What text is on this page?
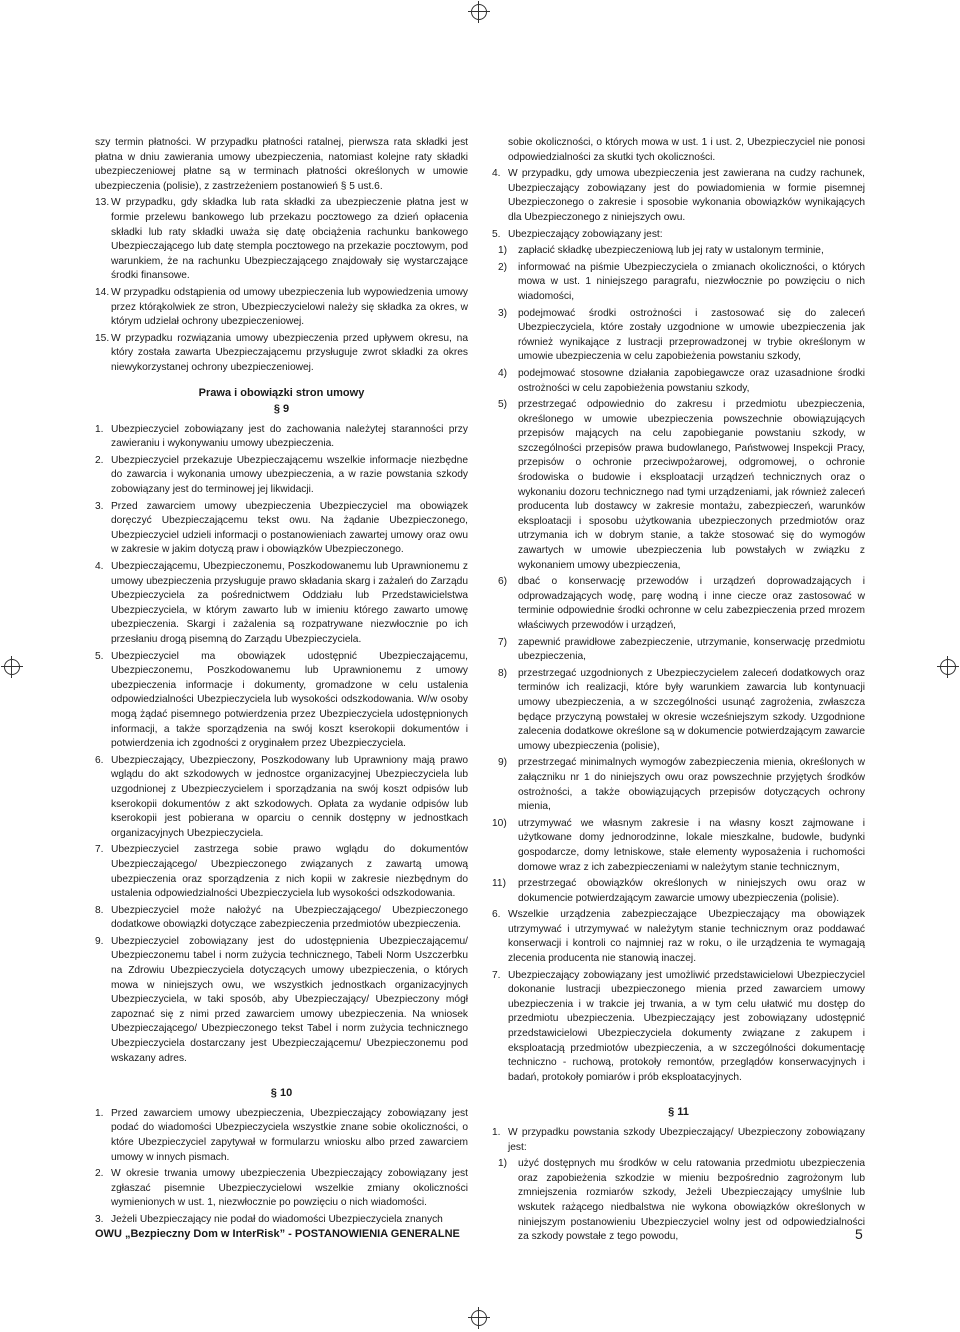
szy termin płatności. W przypadku płatności ratalnej, pierwsza rata składki jest płatna w dniu zawierania umowy ubezpieczenia, natomiast kolejne raty składki ubezpieczeniowej płatne są w terminach płatności określonych w umowie ubezpieczenia (polisie), z zastrzeżeniem postanowień § 5 ust.6.

13. W przypadku, gdy składka lub rata składki za ubezpieczenie płatna jest w formie przelewu bankowego lub przekazu pocztowego za dzień opłacenia składki lub raty składki uważa się datę obciążenia rachunku bankowego Ubezpieczającego lub datę stempla pocztowego na przekazie pocztowym, pod warunkiem, że na rachunku Ubezpieczającego znajdowały się wystarczające środki finansowe.
14. W przypadku odstąpienia od umowy ubezpieczenia lub wypowiedzenia umowy przez którąkolwiek ze stron, Ubezpieczycielowi należy się składka za okres, w którym udzielał ochrony ubezpieczeniowej.
15. W przypadku rozwiązania umowy ubezpieczenia przed upływem okresu, na który została zawarta Ubezpieczającemu przysługuje zwrot składki za okres niewykorzystanej ochrony ubezpieczeniowej.
Prawa i obowiązki stron umowy
§ 9
1. Ubezpieczyciel zobowiązany jest do zachowania należytej staranności przy zawieraniu i wykonywaniu umowy ubezpieczenia.
2. Ubezpieczyciel przekazuje Ubezpieczającemu wszelkie informacje niezbędne do zawarcia i wykonania umowy ubezpieczenia, a w razie powstania szkody zobowiązany jest do terminowej jej likwidacji.
3. Przed zawarciem umowy ubezpieczenia Ubezpieczyciel ma obowiązek doręczyć Ubezpieczającemu tekst owu. Na żądanie Ubezpieczonego, Ubezpieczyciel udzieli informacji o postanowieniach zawartej umowy oraz owu w zakresie w jakim dotyczą praw i obowiązków Ubezpieczonego.
4. Ubezpieczającemu, Ubezpieczonemu, Poszkodowanemu lub Uprawnionemu z umowy ubezpieczenia przysługuje prawo składania skarg i zażaleń do Zarządu Ubezpieczyciela za pośrednictwem Oddziału lub Przedstawicielstwa Ubezpieczyciela, w którym zawarto lub w imieniu którego zawarto umowę ubezpieczenia. Skargi i zażalenia są rozpatrywane niezwłocznie po ich przesłaniu drogą pisemną do Zarządu Ubezpieczyciela.
5. Ubezpieczyciel ma obowiązek udostępnić Ubezpieczającemu, Ubezpieczonemu, Poszkodowanemu lub Uprawnionemu z umowy ubezpieczenia informacje i dokumenty, gromadzone w celu ustalenia odpowiedzialności Ubezpieczyciela lub wysokości odszkodowania. W/w osoby mogą żądać pisemnego potwierdzenia przez Ubezpieczyciela udostępnionych informacji, a także sporządzenia na swój koszt kserokopii dokumentów i potwierdzenia ich zgodności z oryginałem przez Ubezpieczyciela.
6. Ubezpieczający, Ubezpieczony, Poszkodowany lub Uprawniony mają prawo wglądu do akt szkodowych w jednostce organizacyjnej Ubezpieczyciela lub uzgodnionej z Ubezpieczycielem i sporządzania na swój koszt odpisów lub kserokopii dokumentów z akt szkodowych. Opłata za wydanie odpisów lub kserokopii jest pobierana w oparciu o cennik dostępny w jednostkach organizacyjnych Ubezpieczyciela.
7. Ubezpieczyciel zastrzega sobie prawo wglądu do dokumentów Ubezpieczającego/ Ubezpieczonego związanych z zawartą umową ubezpieczenia oraz sporządzenia z nich kopii w zakresie niezbędnym do ustalenia odpowiedzialności Ubezpieczyciela lub wysokości odszkodowania.
8. Ubezpieczyciel może nałożyć na Ubezpieczającego/ Ubezpieczonego dodatkowe obowiązki dotyczące zabezpieczenia przedmiotów ubezpieczenia.
9. Ubezpieczyciel zobowiązany jest do udostępnienia Ubezpieczającemu/ Ubezpieczonemu tabel i norm zużycia technicznego, Tabeli Norm Uszczerbku na Zdrowiu Ubezpieczyciela dotyczących umowy ubezpieczenia, o których mowa w niniejszych owu, we wszystkich jednostkach organizacyjnych Ubezpieczyciela, w taki sposób, aby Ubezpieczający/ Ubezpieczony mógł zapoznać się z nimi przed zawarciem umowy ubezpieczenia. Na wniosek Ubezpieczającego/ Ubezpieczonego tekst Tabel i norm zużycia technicznego Ubezpieczyciela dostarczany jest Ubezpieczającemu/ Ubezpieczonemu pod wskazany adres.
§ 10
1. Przed zawarciem umowy ubezpieczenia, Ubezpieczający zobowiązany jest podać do wiadomości Ubezpieczyciela wszystkie znane sobie okoliczności, o które Ubezpieczyciel zapytywał w formularzu wniosku albo przed zawarciem umowy w innych pismach.
2. W okresie trwania umowy ubezpieczenia Ubezpieczający zobowiązany jest zgłaszać pisemnie Ubezpieczycielowi wszelkie zmiany okoliczności wymienionych w ust. 1, niezwłocznie po powzięciu o nich wiadomości.
3. Jeżeli Ubezpieczający nie podał do wiadomości Ubezpieczyciela znanych

sobie okoliczności, o których mowa w ust. 1 i ust. 2, Ubezpieczyciel nie ponosi odpowiedzialności za skutki tych okoliczności.

4. W przypadku, gdy umowa ubezpieczenia jest zawierana na cudzy rachunek, Ubezpieczający zobowiązany jest do powiadomienia w formie pisemnej Ubezpieczonego o zakresie i sposobie wykonania obowiązków wynikających dla Ubezpieczonego z niniejszych owu.
5. Ubezpieczający zobowiązany jest:
1) zapłacić składkę ubezpieczeniową lub jej raty w ustalonym terminie,
2) informować na piśmie Ubezpieczyciela o zmianach okoliczności, o których mowa w ust. 1 niniejszego paragrafu, niezwłocznie po powzięciu o nich wiadomości,
3) podejmować środki ostrożności i zastosować się do zaleceń Ubezpieczyciela, które zostały uzgodnione w umowie ubezpieczenia jak również wynikające z lustracji przeprowadzonej w trybie określonym w umowie ubezpieczenia w celu zapobieżenia powstaniu szkody,
4) podejmować stosowne działania zapobiegawcze oraz uzasadnione środki ostrożności w celu zapobieżenia powstaniu szkody,
5) przestrzegać odpowiednio do zakresu i przedmiotu ubezpieczenia, określonego w umowie ubezpieczenia powszechnie obowiązujących przepisów mających na celu zapobieganie powstaniu szkody, w szczególności przepisów prawa budowlanego, Państwowej Inspekcji Pracy, przepisów o ochronie przeciwpożarowej, odgromowej, o ochronie środowiska o budowie i eksploatacji urządzeń technicznych oraz o wykonaniu dozoru technicznego nad tymi urządzeniami, jak również zaleceń producenta lub dostawcy w zakresie montażu, zabezpieczeń, warunków eksploatacji i sposobu użytkowania ubezpieczonych przedmiotów oraz utrzymania ich w dobrym stanie, a także stosować się do wymogów zawartych w umowie ubezpieczenia lub powstałych w związku z wykonaniem umowy ubezpieczenia,
6) dbać o konserwację przewodów i urządzeń doprowadzających i odprowadzających wodę, parę wodną i inne ciecze oraz zastosować w terminie odpowiednie środki ochronne w celu zabezpieczenia przed mrozem właściwych przewodów i urządzeń,
7) zapewnić prawidłowe zabezpieczenie, utrzymanie, konserwację przedmiotu ubezpieczenia,
8) przestrzegać uzgodnionych z Ubezpieczycielem zaleceń dodatkowych oraz terminów ich realizacji, które były warunkiem zawarcia lub kontynuacji umowy ubezpieczenia, a w szczególności usunąć zagrożenia, zwłaszcza będące przyczyną powstałej w okresie wcześniejszym szkody. Uzgodnione zalecenia dodatkowe określone są w dokumencie potwierdzającym zawarcie umowy ubezpieczenia (polisie),
9) przestrzegać minimalnych wymogów zabezpieczenia mienia, określonych w załączniku nr 1 do niniejszych owu oraz powszechnie przyjętych środków ostrożności, a także obowiązujących przepisów dotyczących ochrony mienia,
10) utrzymywać we własnym zakresie i na własny koszt zajmowane i użytkowane domy jednorodzinne, lokale mieszkalne, budowle, budynki gospodarcze, domy letniskowe, stałe elementy wyposażenia i ruchomości domowe wraz z ich zabezpieczeniami w należytym stanie technicznym,
11) przestrzegać obowiązków określonych w niniejszych owu oraz w dokumencie potwierdzającym zawarcie umowy ubezpieczenia (polisie).
6. Wszelkie urządzenia zabezpieczające Ubezpieczający ma obowiązek utrzymywać i utrzymywać w należytym stanie technicznym oraz poddawać konserwacji i kontroli co najmniej raz w roku, o ile urządzenia te wymagają zlecenia producenta nie stanowią inaczej.
7. Ubezpieczający zobowiązany jest umożliwić przedstawicielowi Ubezpieczyciel dokonanie lustracji ubezpieczonego mienia przed zawarciem umowy ubezpieczenia i w trakcie jej trwania, a w tym celu ułatwić mu dostęp do przedmiotu ubezpieczenia. Ubezpieczający jest zobowiązany udostępnić przedstawicielowi Ubezpieczyciela dokumenty związane z zakupem i eksploatacją przedmiotów ubezpieczenia, a w szczególności dokumentację techniczno - ruchową, protokoły remontów, przeglądów konserwacyjnych i badań, protokoły pomiarów i prób eksploatacyjnych.
§ 11
1. W przypadku powstania szkody Ubezpieczający/ Ubezpieczony zobowiązany jest:
1) użyć dostępnych mu środków w celu ratowania przedmiotu ubezpieczenia oraz zapobieżenia szkodzie w mieniu bezpośrednio zagrożonym lub zmniejszenia rozmiarów szkody, Jeżeli Ubezpieczający umyślnie lub wskutek rażącego niedbalstwa nie wykona obowiązków określonych w niniejszym postanowieniu Ubezpieczyciel wolny jest od odpowiedzialności za szkody powstałe z tego powodu,
OWU „Bezpieczny Dom w InterRisk” - POSTANOWIENIA GENERALNE	5
